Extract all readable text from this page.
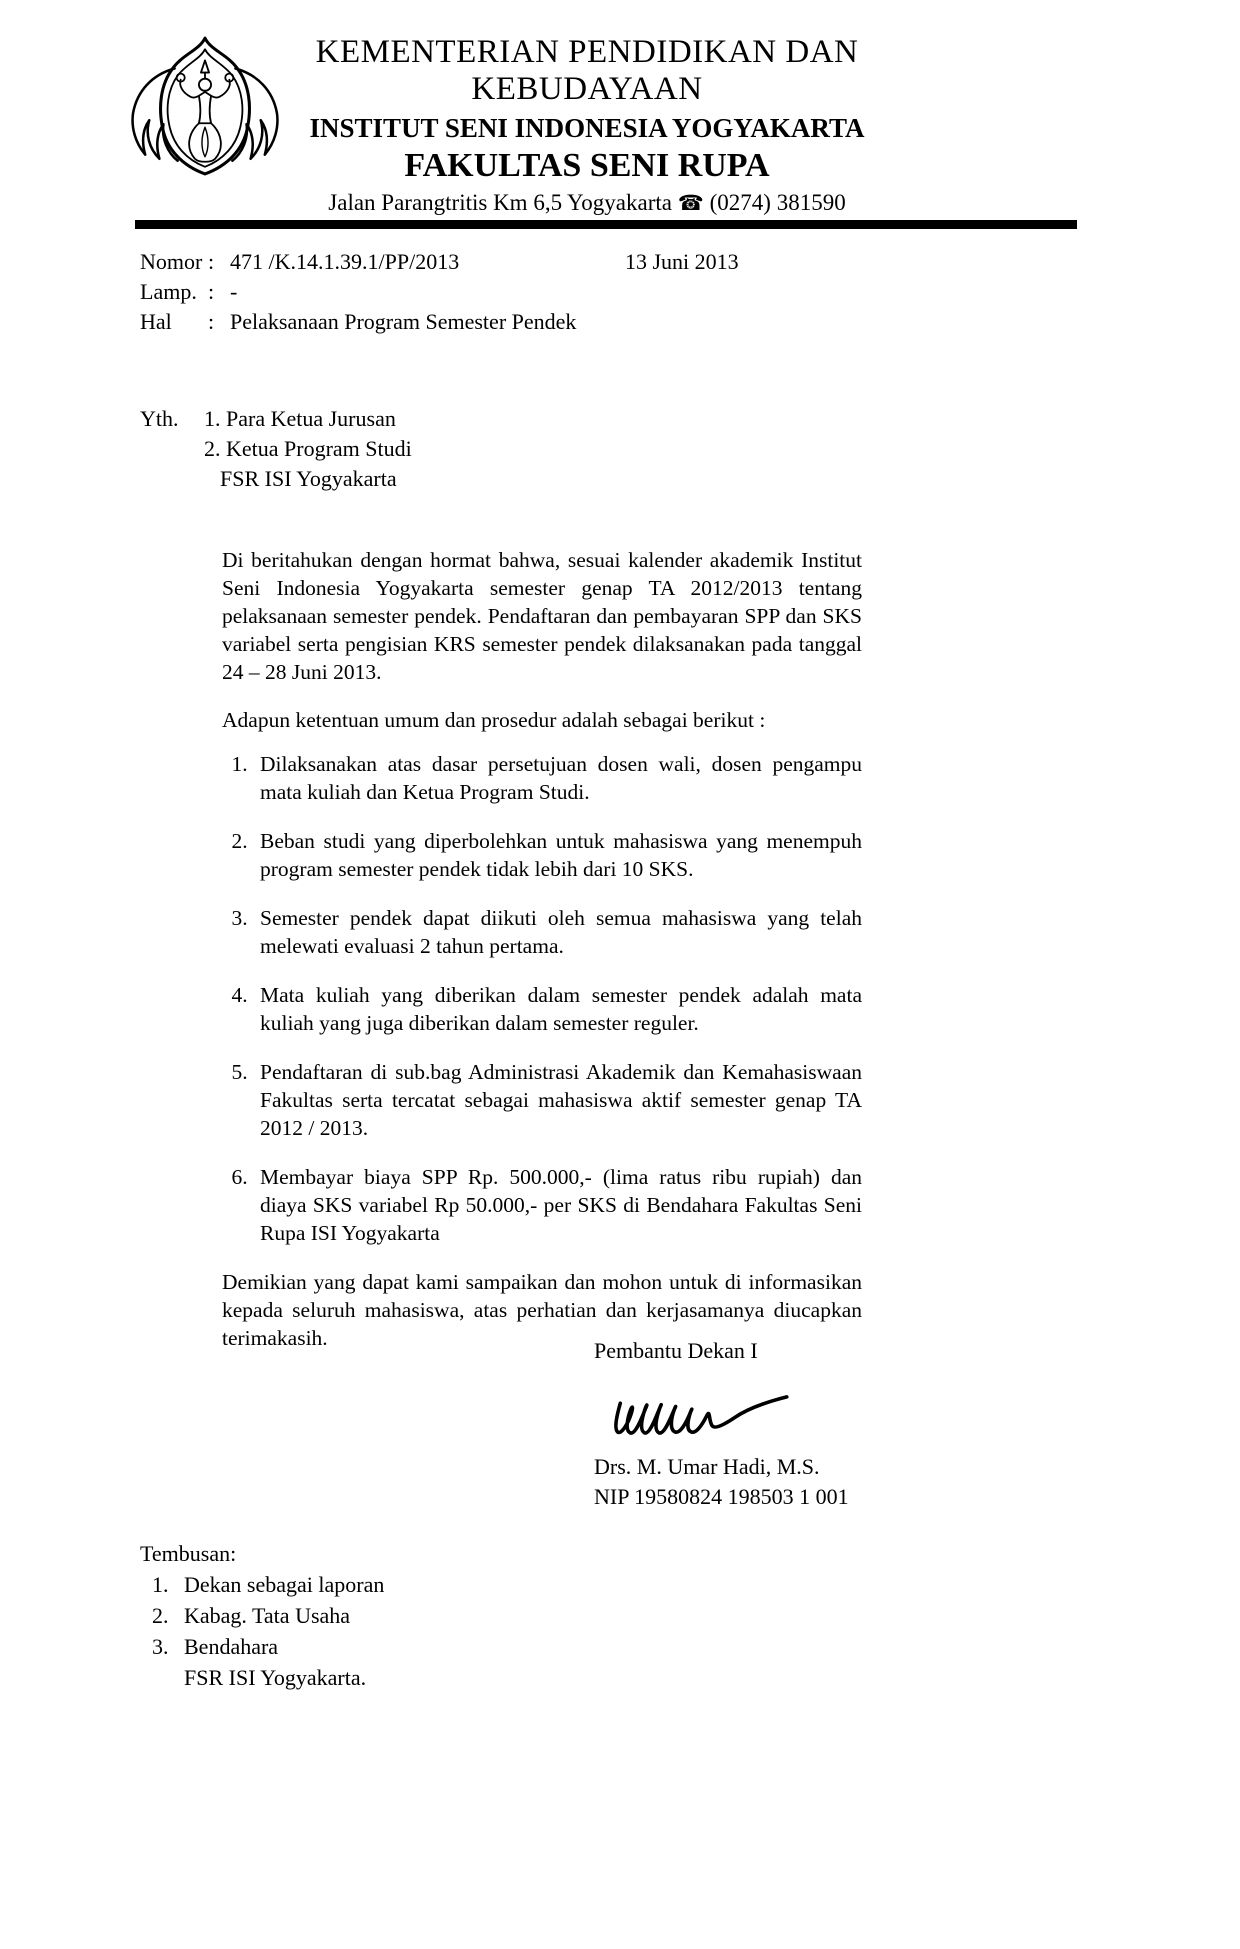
KEMENTERIAN PENDIDIKAN DAN KEBUDAYAAN
INSTITUT SENI INDONESIA YOGYAKARTA
FAKULTAS SENI RUPA
Jalan Parangtritis Km 6,5 Yogyakarta ☎ (0274) 381590
Nomor : 471 /K.14.1.39.1/PP/2013	13 Juni 2013
Lamp. : -
Hal	: Pelaksanaan Program Semester Pendek
Yth.	1. Para Ketua Jurusan
2. Ketua Program Studi
FSR ISI Yogyakarta

Di beritahukan dengan hormat bahwa, sesuai kalender akademik Institut Seni Indonesia Yogyakarta semester genap TA 2012/2013 tentang pelaksanaan semester pendek. Pendaftaran dan pembayaran SPP dan SKS variabel serta pengisian KRS semester pendek dilaksanakan pada tanggal 24 – 28 Juni 2013.

Adapun ketentuan umum dan prosedur adalah sebagai berikut :

1. Dilaksanakan atas dasar persetujuan dosen wali, dosen pengampu mata kuliah dan Ketua Program Studi.
2. Beban studi yang diperbolehkan untuk mahasiswa yang menempuh program semester pendek tidak lebih dari 10 SKS.
3. Semester pendek dapat diikuti oleh semua mahasiswa yang telah melewati evaluasi 2 tahun pertama.
4. Mata kuliah yang diberikan dalam semester pendek adalah mata kuliah yang juga diberikan dalam semester reguler.
5. Pendaftaran di sub.bag Administrasi Akademik dan Kemahasiswaan Fakultas serta tercatat sebagai mahasiswa aktif semester genap TA 2012 / 2013.
6. Membayar biaya SPP Rp. 500.000,- (lima ratus ribu rupiah) dan diaya SKS variabel Rp 50.000,- per SKS di Bendahara Fakultas Seni Rupa ISI Yogyakarta

Demikian yang dapat kami sampaikan dan mohon untuk di informasikan kepada seluruh mahasiswa, atas perhatian dan kerjasamanya diucapkan terimakasih.	Pembantu Dekan I
Drs. M. Umar Hadi, M.S.
NIP 19580824 198503 1 001
Tembusan:
1. Dekan sebagai laporan
2. Kabag. Tata Usaha
3. Bendahara
FSR ISI Yogyakarta.
